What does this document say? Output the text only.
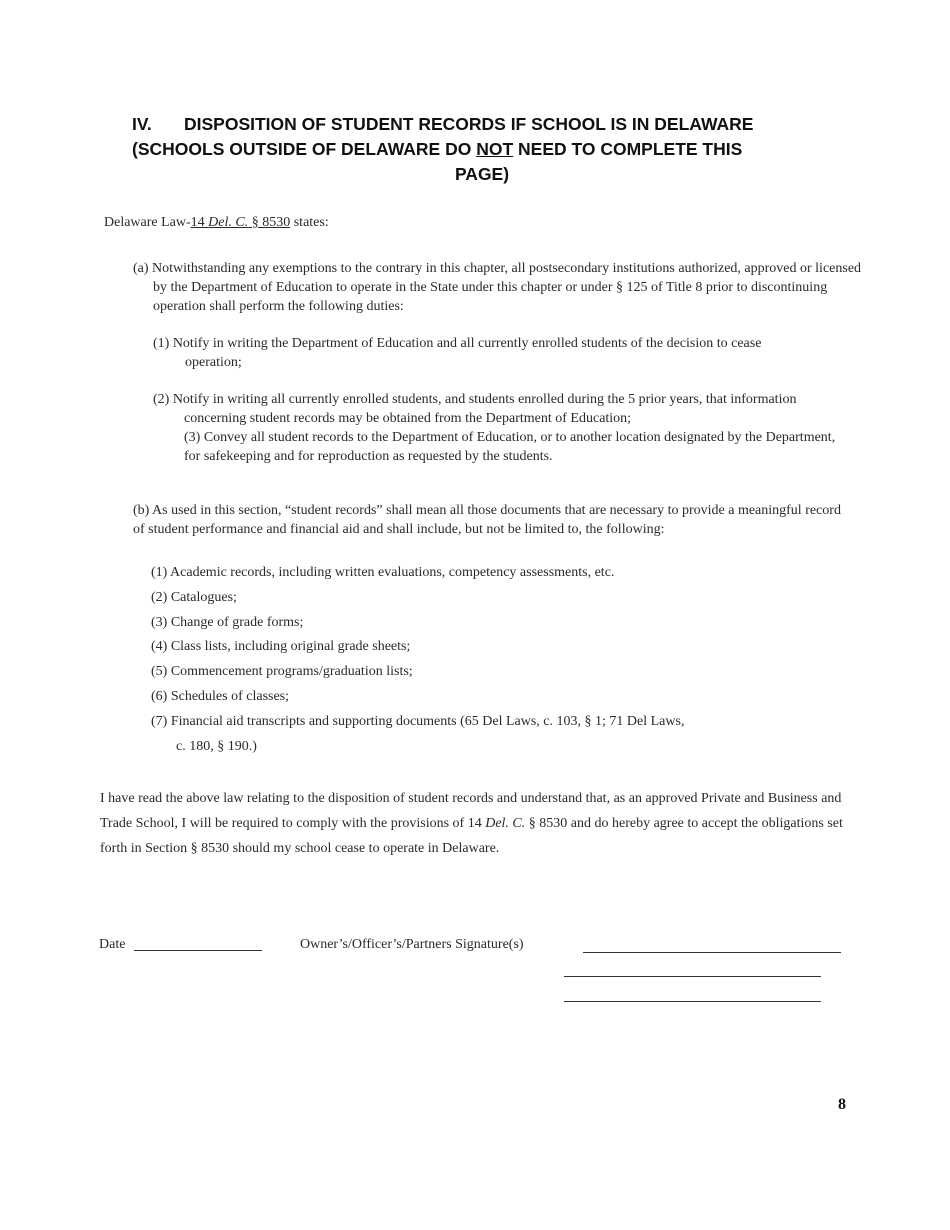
IV. DISPOSITION OF STUDENT RECORDS IF SCHOOL IS IN DELAWARE
(SCHOOLS OUTSIDE OF DELAWARE DO NOT NEED TO COMPLETE THIS
PAGE)
Delaware Law-14 Del. C. § 8530 states:
(a) Notwithstanding any exemptions to the contrary in this chapter, all postsecondary institutions authorized, approved or licensed by the Department of Education to operate in the State under this chapter or under § 125 of Title 8 prior to discontinuing operation shall perform the following duties:
(1) Notify in writing the Department of Education and all currently enrolled students of the decision to cease operation;
(2) Notify in writing all currently enrolled students, and students enrolled during the 5 prior years, that information concerning student records may be obtained from the Department of Education;
(3) Convey all student records to the Department of Education, or to another location designated by the Department, for safekeeping and for reproduction as requested by the students.
(b) As used in this section, “student records” shall mean all those documents that are necessary to provide a meaningful record of student performance and financial aid and shall include, but not be limited to, the following:
(1) Academic records, including written evaluations, competency assessments, etc.
(2) Catalogues;
(3) Change of grade forms;
(4) Class lists, including original grade sheets;
(5) Commencement programs/graduation lists;
(6) Schedules of classes;
(7) Financial aid transcripts and supporting documents (65 Del Laws, c. 103, § 1; 71 Del Laws,
c. 180, § 190.)
I have read the above law relating to the disposition of student records and understand that, as an approved Private and Business and Trade School, I will be required to comply with the provisions of 14 Del. C. § 8530 and do hereby agree to accept the obligations set forth in Section § 8530 should my school cease to operate in Delaware.
Date	Owner’s/Officer’s/Partners Signature(s)
8
